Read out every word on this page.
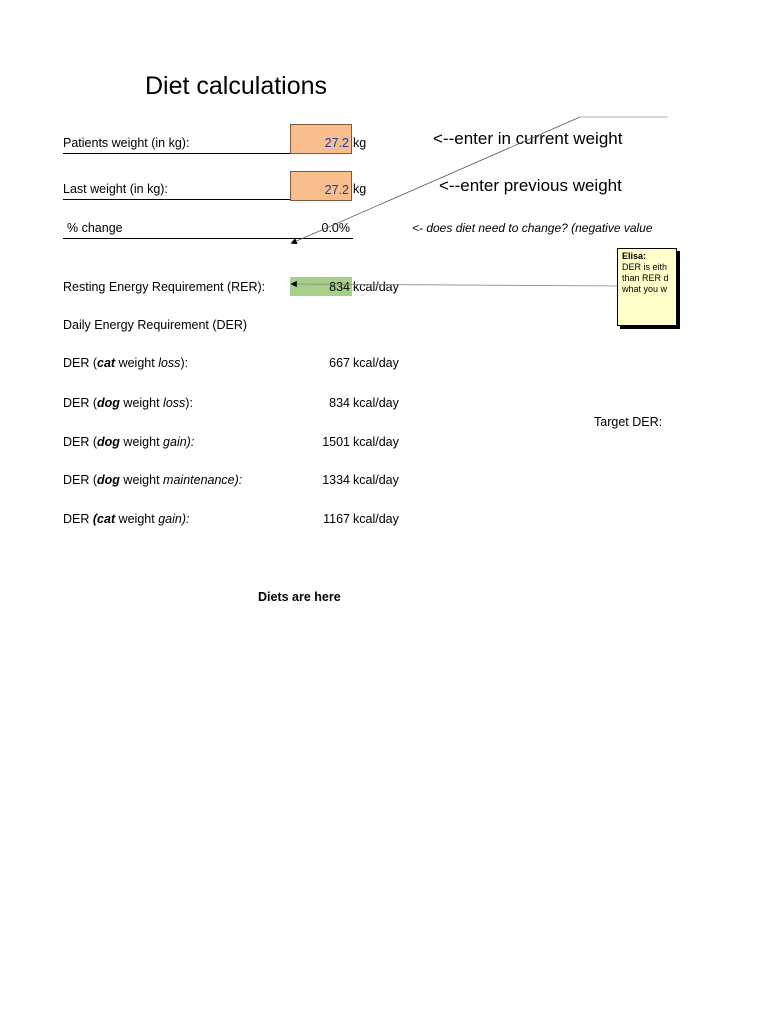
Diet calculations
Patients weight (in kg):	27.2 kg	<--enter in current weight
Last weight (in kg):	27.2 kg	<--enter previous weight
% change	0.0%	<- does diet need to change? (negative value
Resting Energy Requirement (RER):	834 kcal/day
Daily Energy Requirement (DER)
DER (cat weight loss):	667 kcal/day
DER (dog weight loss):	834 kcal/day
Target DER:
DER (dog weight gain):	1501 kcal/day
DER (dog weight maintenance):	1334 kcal/day
DER (cat weight gain):	1167 kcal/day
Diets are here
Elisa:
DER is eith
than RER d
what you w
